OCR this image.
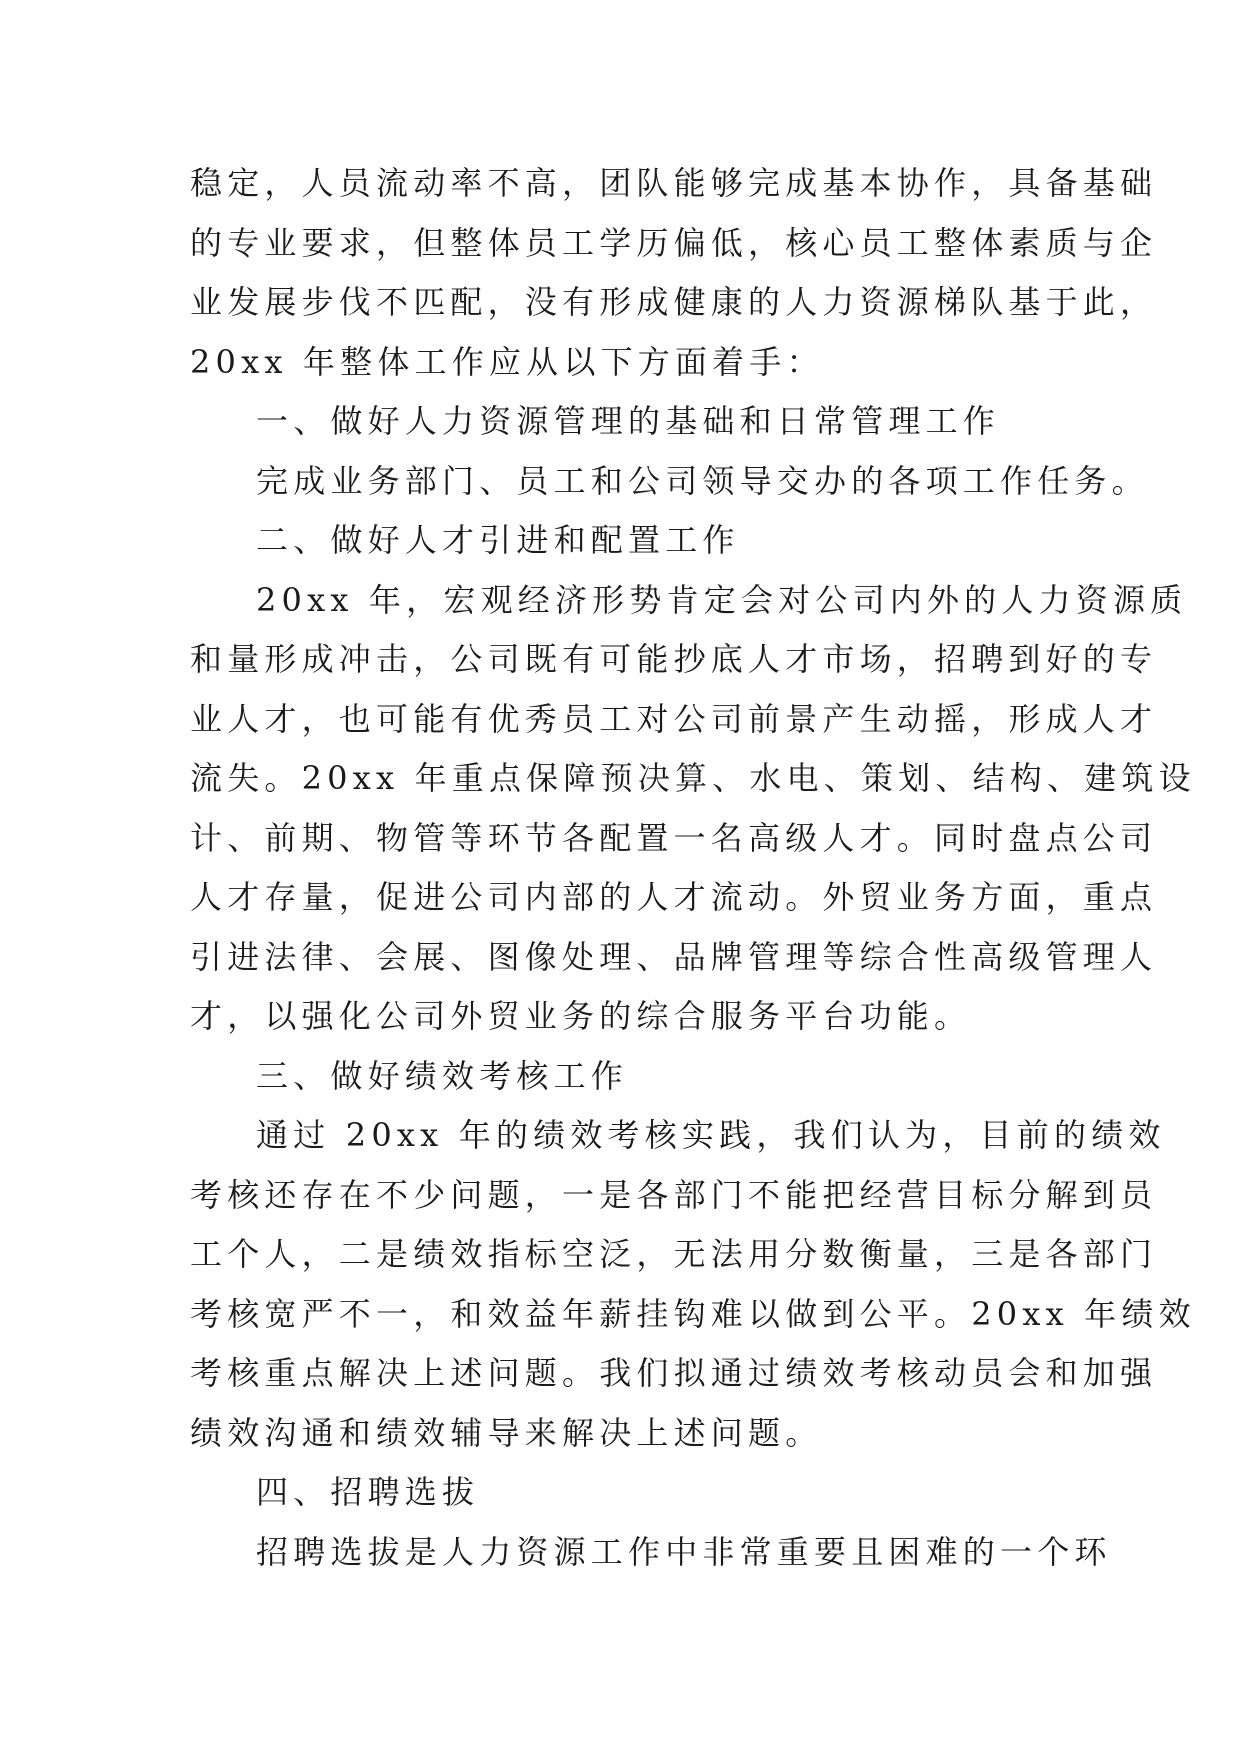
稳定，人员流动率不高，团队能够完成基本协作，具备基础
的专业要求，但整体员工学历偏低，核心员工整体素质与企
业发展步伐不匹配，没有形成健康的人力资源梯队基于此，
20xx 年整体工作应从以下方面着手：
一、做好人力资源管理的基础和日常管理工作
完成业务部门、员工和公司领导交办的各项工作任务。
二、做好人才引进和配置工作
20xx 年，宏观经济形势肯定会对公司内外的人力资源质
和量形成冲击，公司既有可能抄底人才市场，招聘到好的专
业人才，也可能有优秀员工对公司前景产生动摇，形成人才
流失。20xx 年重点保障预决算、水电、策划、结构、建筑设
计、前期、物管等环节各配置一名高级人才。同时盘点公司
人才存量，促进公司内部的人才流动。外贸业务方面，重点
引进法律、会展、图像处理、品牌管理等综合性高级管理人
才，以强化公司外贸业务的综合服务平台功能。
三、做好绩效考核工作
通过 20xx 年的绩效考核实践，我们认为，目前的绩效
考核还存在不少问题，一是各部门不能把经营目标分解到员
工个人，二是绩效指标空泛，无法用分数衡量，三是各部门
考核宽严不一，和效益年薪挂钩难以做到公平。20xx 年绩效
考核重点解决上述问题。我们拟通过绩效考核动员会和加强
绩效沟通和绩效辅导来解决上述问题。
四、招聘选拔
招聘选拔是人力资源工作中非常重要且困难的一个环
